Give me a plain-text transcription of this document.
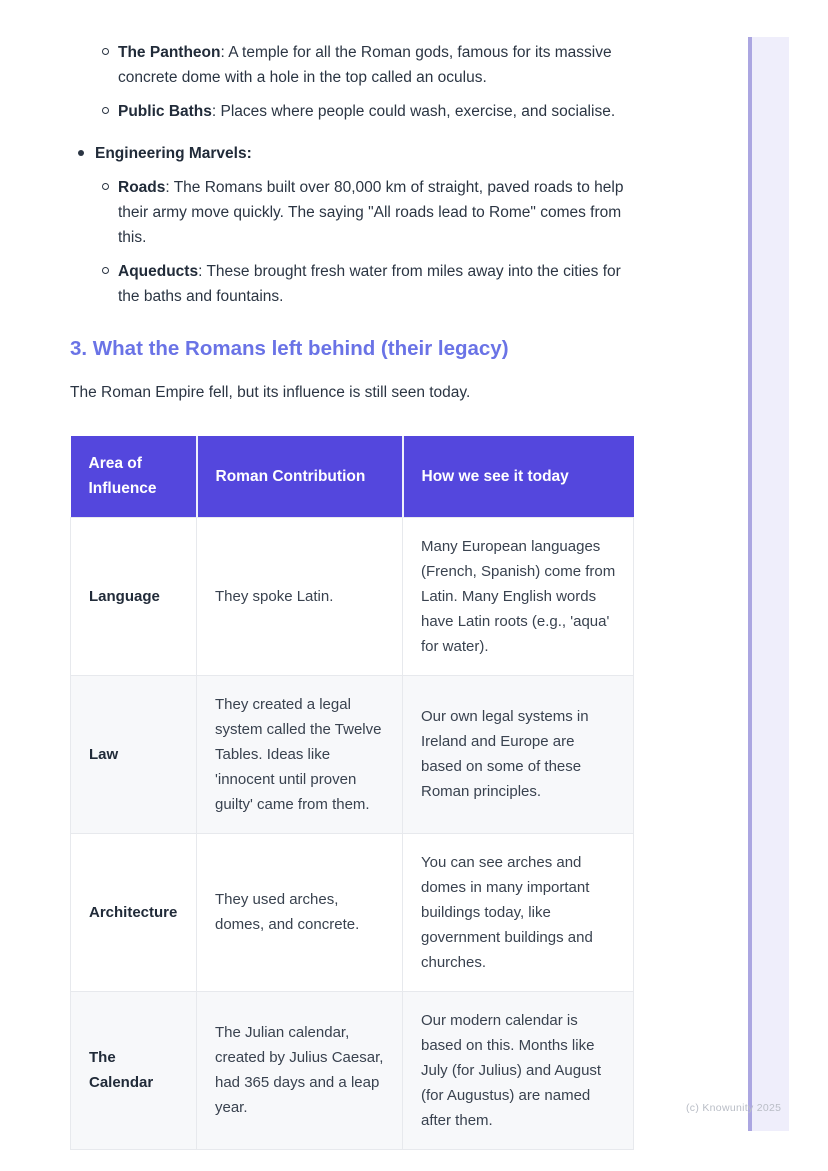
The Pantheon: A temple for all the Roman gods, famous for its massive concrete dome with a hole in the top called an oculus.
Public Baths: Places where people could wash, exercise, and socialise.
Engineering Marvels:
Roads: The Romans built over 80,000 km of straight, paved roads to help their army move quickly. The saying "All roads lead to Rome" comes from this.
Aqueducts: These brought fresh water from miles away into the cities for the baths and fountains.
3. What the Romans left behind (their legacy)

The Roman Empire fell, but its influence is still seen today.

Area of Influence	Roman Contribution	How we see it today
Language	They spoke Latin.	Many European languages (French, Spanish) come from Latin. Many English words have Latin roots (e.g., 'aqua' for water).
Law	They created a legal system called the Twelve Tables. Ideas like 'innocent until proven guilty' came from them.	Our own legal systems in Ireland and Europe are based on some of these Roman principles.
Architecture	They used arches, domes, and concrete.	You can see arches and domes in many important buildings today, like government buildings and churches.
The Calendar	The Julian calendar, created by Julius Caesar, had 365 days and a leap year.	Our modern calendar is based on this. Months like July (for Julius) and August (for Augustus) are named after them.
(c) Knowunity 2025
